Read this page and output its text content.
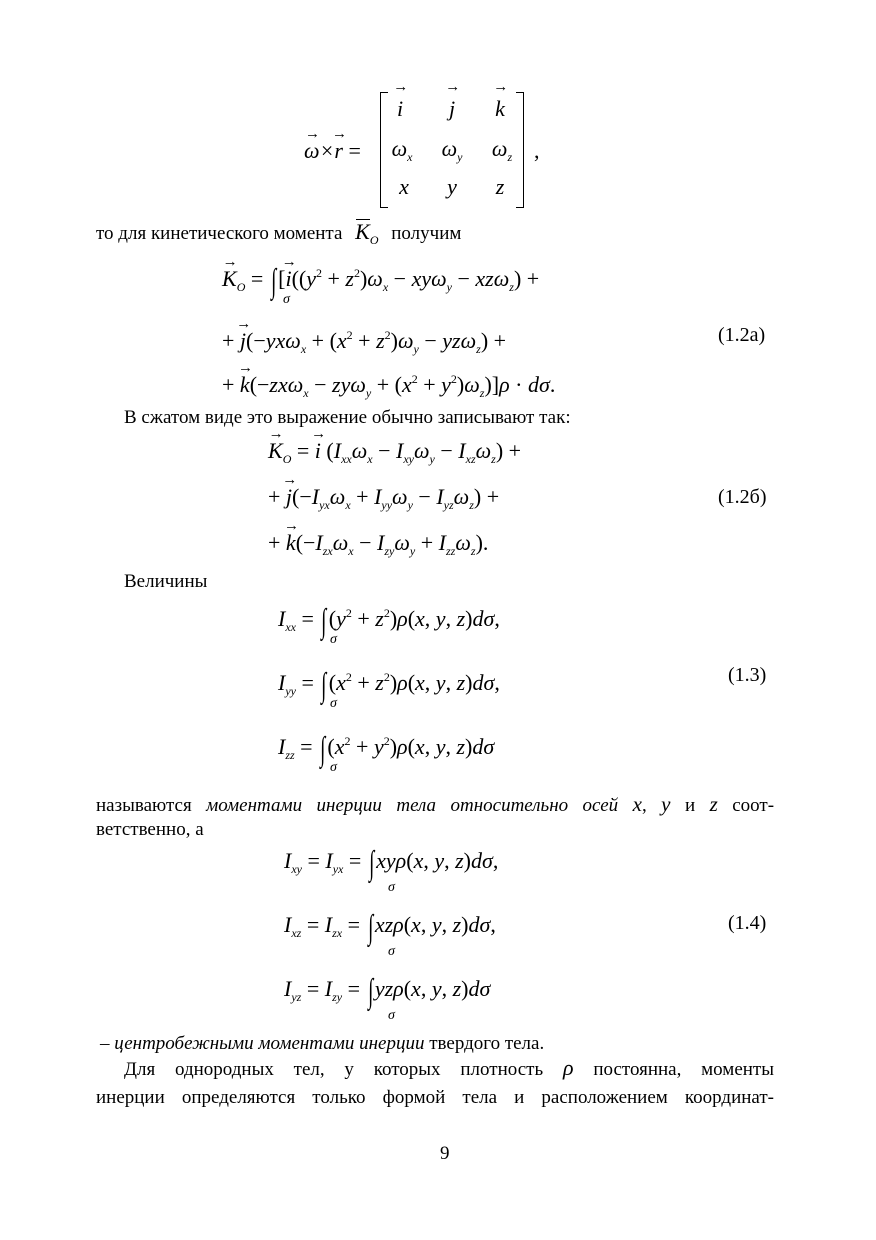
→ ω×→ r =
→ i	→ j	→ k
$\omega_x$	$\omega_y$	$\omega_z$
x	y	z
,
то для кинетического момента $K_O$ получим
→ $K_O$ = ∫[→ $i((y^2 + z^2)\omega_x - xy\omega_y - xz\omega_z)$ +
σ
+ → $j(-yx\omega_x + (x^2 + z^2)\omega_y - yz\omega_z)$ +	(1.2а)
+ → $k(-zx\omega_x - zy\omega_y + (x^2 + y^2)\omega_z)]\rho \cdot d\sigma$.
В сжатом виде это выражение обычно записывают так:
→ $K_O$ = → i $(I_{xx}\omega_x - I_{xy}\omega_y - I_{xz}\omega_z)$ +
+ → $j(-I_{yx}\omega_x + I_{yy}\omega_y - I_{yz}\omega_z)$ +	(1.2б)
+ → $k(-I_{zx}\omega_x - I_{zy}\omega_y + I_{zz}\omega_z)$.
Величины
$I_{xx} = \int(y^2 + z^2)\rho(x$, y, z)dσ,
σ
$I_{yy} = \int(x^2 + z^2)\rho(x$, y, z)dσ,	(1.3)
σ
$I_{zz} = \int(x^2 + y^2)\rho(x$, y, z)dσ
σ
называются моментами инерции тела относительно осей x, y и z соот-
ветственно, а
$I_{xy} = I_{yx} = \int xy\rho(x$, y, z)dσ,
σ
$I_{xz} = I_{zx} = \int xz\rho(x$, y, z)dσ,	(1.4)
σ
$I_{yz} = I_{zy} = \int yz\rho(x$, y, z)dσ
σ
– центробежными моментами инерции твердого тела.
Для однородных тел, у которых плотность ρ постоянна, моменты
инерции определяются только формой тела и расположением координат-
9
